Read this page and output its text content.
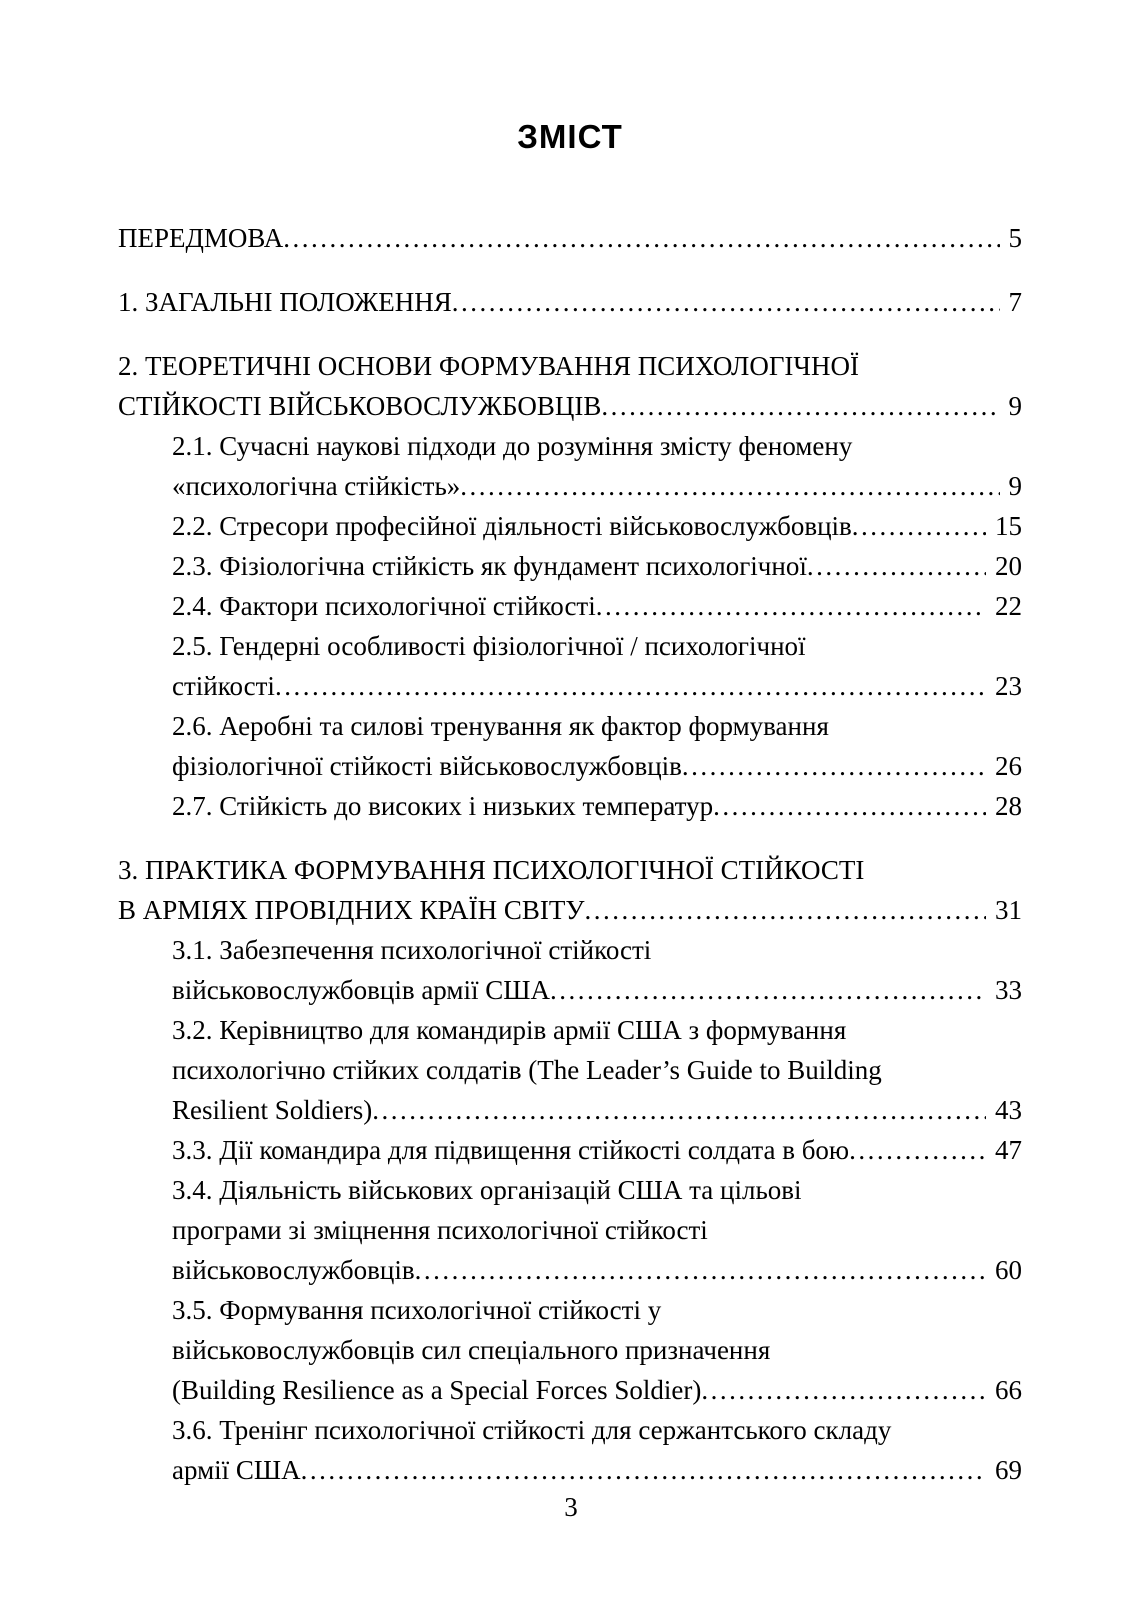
ЗМІСТ
ПЕРЕДМОВА .....	5
1. ЗАГАЛЬНІ ПОЛОЖЕННЯ .....	7
2. ТЕОРЕТИЧНІ ОСНОВИ ФОРМУВАННЯ ПСИХОЛОГІЧНОЇ
СТІЙКОСТІ ВІЙСЬКОВОСЛУЖБОВЦІВ .....	9
2.1. Сучасні наукові підходи до розуміння змісту феномену
«психологічна стійкість» .....	9
2.2. Стресори професійної діяльності військовослужбовців .....	15
2.3. Фізіологічна стійкість як фундамент психологічної .....	20
2.4. Фактори психологічної стійкості .....	22
2.5. Гендерні особливості фізіологічної / психологічної
стійкості .....	23
2.6. Аеробні та силові тренування як фактор формування
фізіологічної стійкості військовослужбовців .....	26
2.7. Стійкість до високих і низьких температур .....	28
3. ПРАКТИКА ФОРМУВАННЯ ПСИХОЛОГІЧНОЇ СТІЙКОСТІ
В АРМІЯХ ПРОВІДНИХ КРАЇН СВІТУ .....	31
3.1. Забезпечення психологічної стійкості
військовослужбовців армії США .....	33
3.2. Керівництво для командирів армії США з формування
психологічно стійких солдатів (The Leader’s Guide to Building
Resilient Soldiers) .....	43
3.3. Дії командира для підвищення стійкості солдата в бою .....	47
3.4. Діяльність військових організацій США та цільові
програми зі зміцнення психологічної стійкості
військовослужбовців .....	60
3.5. Формування психологічної стійкості у
військовослужбовців сил спеціального призначення
(Building Resilience as a Special Forces Soldier) .....	66
3.6. Тренінг психологічної стійкості для сержантського складу
армії США .....	69
3
